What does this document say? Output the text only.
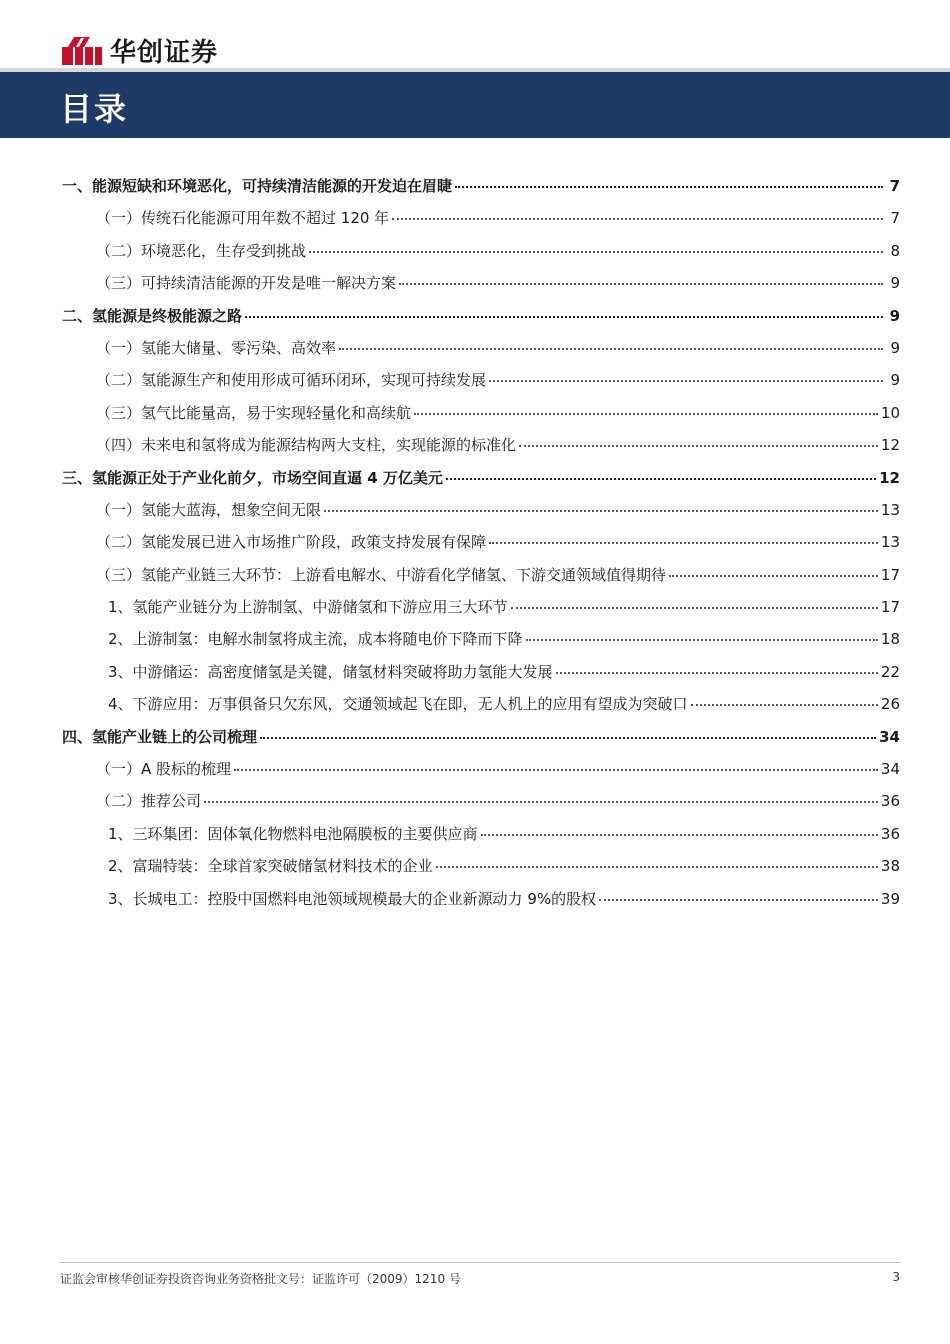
华创证券
目录
一、能源短缺和环境恶化，可持续清洁能源的开发迫在眉睫	7
（一）传统石化能源可用年数不超过 120 年	7
（二）环境恶化，生存受到挑战	8
（三）可持续清洁能源的开发是唯一解决方案	9
二、氢能源是终极能源之路	9
（一）氢能大储量、零污染、高效率	9
（二）氢能源生产和使用形成可循环闭环，实现可持续发展	9
（三）氢气比能量高，易于实现轻量化和高续航	10
（四）未来电和氢将成为能源结构两大支柱，实现能源的标准化	12
三、氢能源正处于产业化前夕，市场空间直逼 4 万亿美元	12
（一）氢能大蓝海，想象空间无限	13
（二）氢能发展已进入市场推广阶段，政策支持发展有保障	13
（三）氢能产业链三大环节：上游看电解水、中游看化学储氢、下游交通领域值得期待	17
1、氢能产业链分为上游制氢、中游储氢和下游应用三大环节	17
2、上游制氢：电解水制氢将成主流，成本将随电价下降而下降	18
3、中游储运：高密度储氢是关键，储氢材料突破将助力氢能大发展	22
4、下游应用：万事俱备只欠东风，交通领域起飞在即，无人机上的应用有望成为突破口	26
四、氢能产业链上的公司梳理	34
（一）A 股标的梳理	34
（二）推荐公司	36
1、三环集团：固体氧化物燃料电池隔膜板的主要供应商	36
2、富瑞特装：全球首家突破储氢材料技术的企业	38
3、长城电工：控股中国燃料电池领域规模最大的企业新源动力 9%的股权	39
证监会审核华创证券投资咨询业务资格批文号：证监许可（2009）1210 号	3
